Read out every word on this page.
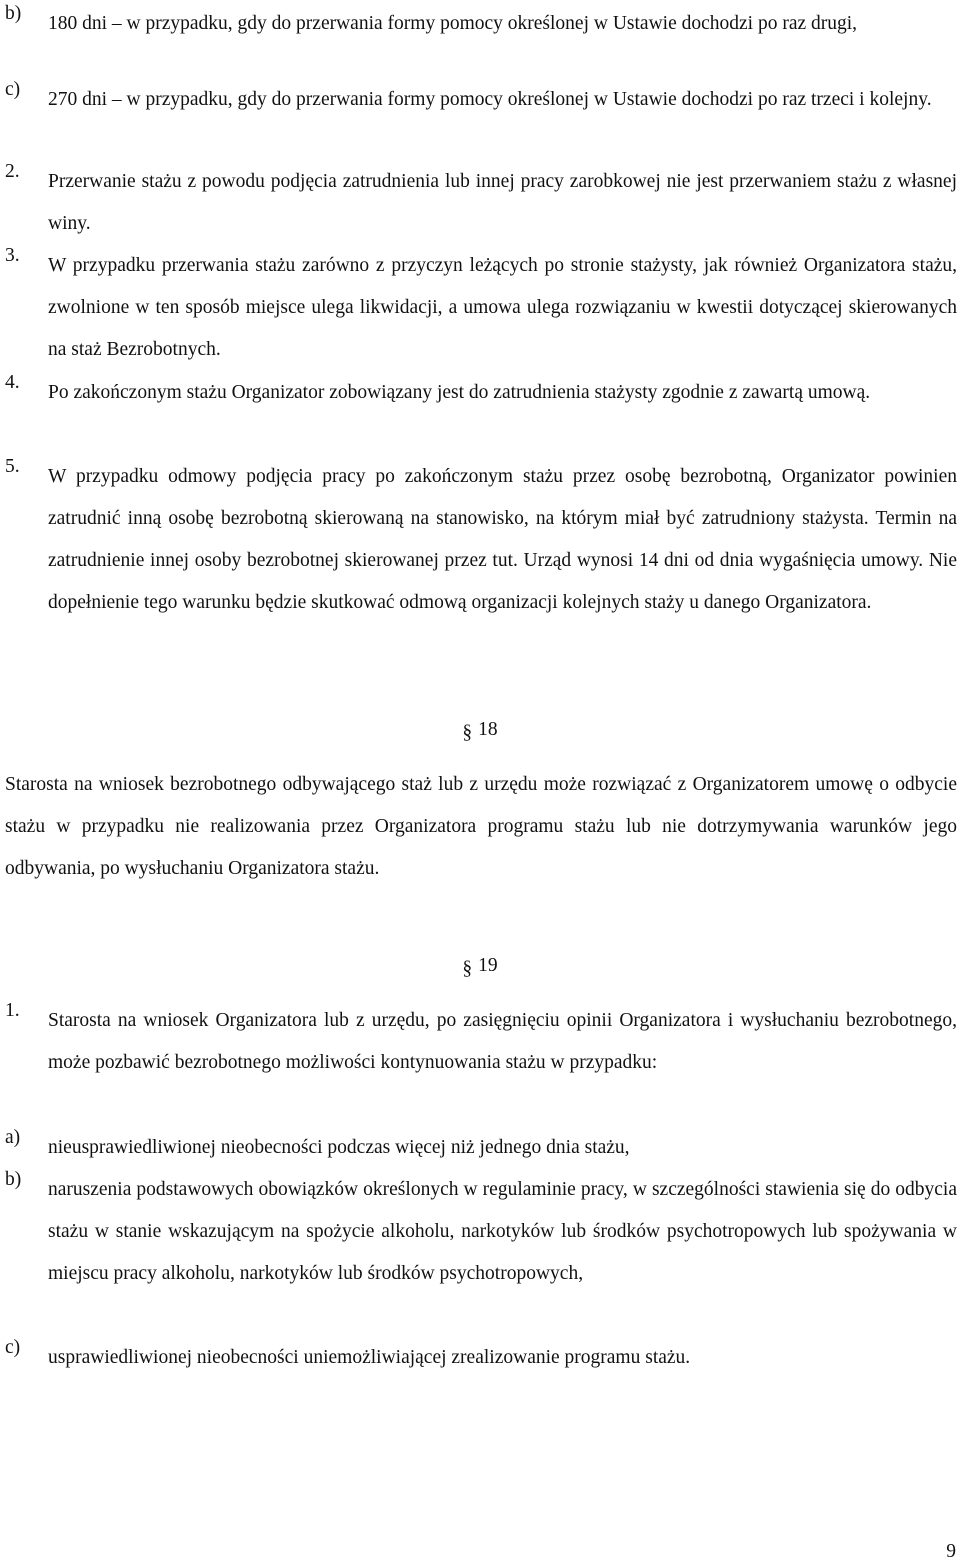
b) 180 dni – w przypadku, gdy do przerwania formy pomocy określonej w Ustawie dochodzi po raz drugi,
c) 270 dni – w przypadku, gdy do przerwania formy pomocy określonej w Ustawie dochodzi po raz trzeci i kolejny.
2. Przerwanie stażu z powodu podjęcia zatrudnienia lub innej pracy zarobkowej nie jest przerwaniem stażu z własnej winy.
3. W przypadku przerwania stażu zarówno z przyczyn leżących po stronie stażysty, jak również Organizatora stażu, zwolnione w ten sposób miejsce ulega likwidacji, a umowa ulega rozwiązaniu w kwestii dotyczącej skierowanych na staż Bezrobotnych.
4. Po zakończonym stażu Organizator zobowiązany jest do zatrudnienia stażysty zgodnie z zawartą umową.
5. W przypadku odmowy podjęcia pracy po zakończonym stażu przez osobę bezrobotną, Organizator powinien zatrudnić inną osobę bezrobotną skierowaną na stanowisko, na którym miał być zatrudniony stażysta. Termin na zatrudnienie innej osoby bezrobotnej skierowanej przez tut. Urząd wynosi 14 dni od dnia wygaśnięcia umowy. Nie dopełnienie tego warunku będzie skutkować odmową organizacji kolejnych staży u danego Organizatora.
§ 18
Starosta na wniosek bezrobotnego odbywającego staż lub z urzędu może rozwiązać z Organizatorem umowę o odbycie stażu w przypadku nie realizowania przez Organizatora programu stażu lub nie dotrzymywania warunków jego odbywania, po wysłuchaniu Organizatora stażu.
§ 19
1. Starosta na wniosek Organizatora lub z urzędu, po zasięgnięciu opinii Organizatora i wysłuchaniu bezrobotnego, może pozbawić bezrobotnego możliwości kontynuowania stażu w przypadku:
a) nieusprawiedliwionej nieobecności podczas więcej niż jednego dnia stażu,
b) naruszenia podstawowych obowiązków określonych w regulaminie pracy, w szczególności stawienia się do odbycia stażu w stanie wskazującym na spożycie alkoholu, narkotyków lub środków psychotropowych lub spożywania w miejscu pracy alkoholu, narkotyków lub środków psychotropowych,
c) usprawiedliwionej nieobecności uniemożliwiającej zrealizowanie programu stażu.
9
